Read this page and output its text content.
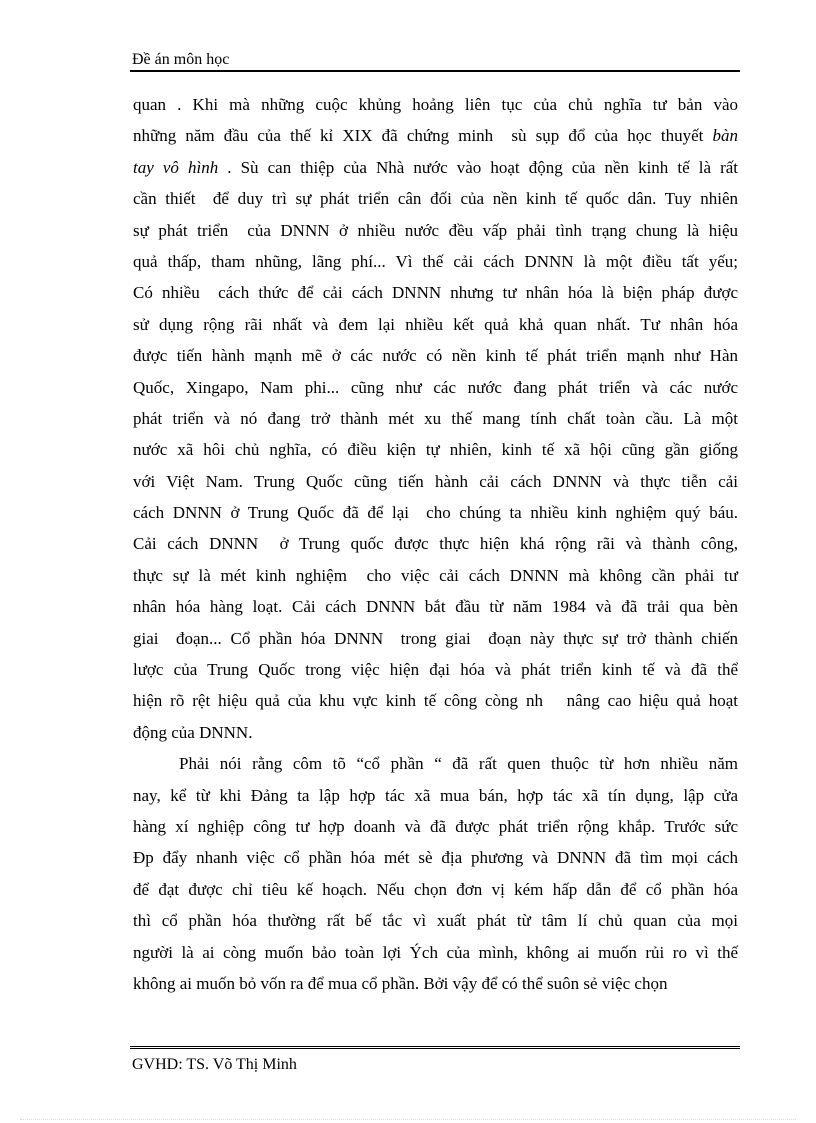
Đề án môn học
quan . Khi mà những cuộc khủng hoảng liên tục của chủ nghĩa tư bản vào
những năm đầu của thế kỉ XIX đã chứng minh  sù sụp đổ của học thuyết bàn
tay vô hình . Sù can thiệp của Nhà nước vào hoạt động của nền kinh tế là rất
cần thiết  để duy trì sự phát triển cân đối của nền kinh tế quốc dân. Tuy nhiên
sự phát triển  của DNNN ở nhiều nước đều vấp phải tình trạng chung là hiệu
quả thấp, tham nhũng, lãng phí... Vì thế cải cách DNNN là một điều tất yếu;
Có nhiều  cách thức để cải cách DNNN nhưng tư nhân hóa là biện pháp được
sử dụng rộng rãi nhất và đem lại nhiều kết quả khả quan nhất. Tư nhân hóa
được tiến hành mạnh mẽ ở các nước có nền kinh tế phát triển mạnh như Hàn
Quốc, Xingapo, Nam phi... cũng như các nước đang phát triển và các nước
phát triển và nó đang trở thành mét xu thế mang tính chất toàn cầu. Là một
nước xã hôi chủ nghĩa, có điều kiện tự nhiên, kinh tế xã hội cũng gần giống
với Việt Nam. Trung Quốc cũng tiến hành cải cách DNNN và thực tiễn cải
cách DNNN ở Trung Quốc đã để lại  cho chúng ta nhiều kinh nghiệm quý báu.
Cải cách DNNN  ở Trung quốc được thực hiện khá rộng rãi và thành công,
thực sự là mét kinh nghiệm  cho việc cải cách DNNN mà không cần phải tư
nhân hóa hàng loạt. Cải cách DNNN bắt đầu từ năm 1984 và đã trải qua bèn
giai  đoạn... Cổ phần hóa DNNN  trong giai  đoạn này thực sự trở thành chiến
lược của Trung Quốc trong việc hiện đại hóa và phát triển kinh tế và đã thể
hiện rõ rệt hiệu quả của khu vực kinh tế công còng nh   nâng cao hiệu quả hoạt
động của DNNN.
Phải nói rằng côm tõ “cổ phần “ đã rất quen thuộc từ hơn nhiều năm
nay, kể từ khi Đảng ta lập hợp tác xã mua bán, hợp tác xã tín dụng, lập cửa
hàng xí nghiệp công tư hợp doanh và đã được phát triển rộng khắp. Trước sức
Đp đẩy nhanh việc cổ phần hóa mét sè địa phương và DNNN đã tìm mọi cách
để đạt được chỉ tiêu kế hoạch. Nếu chọn đơn vị kém hấp dẫn để cổ phần hóa
thì cổ phần hóa thường rất bế tắc vì xuất phát từ tâm lí chủ quan của mọi
người là ai còng muốn bảo toàn lợi Ých của mình, không ai muốn rủi ro vì thế
không ai muốn bỏ vốn ra để mua cổ phần. Bởi vậy để có thể suôn sẻ việc chọn

GVHD: TS. Võ Thị Minh
